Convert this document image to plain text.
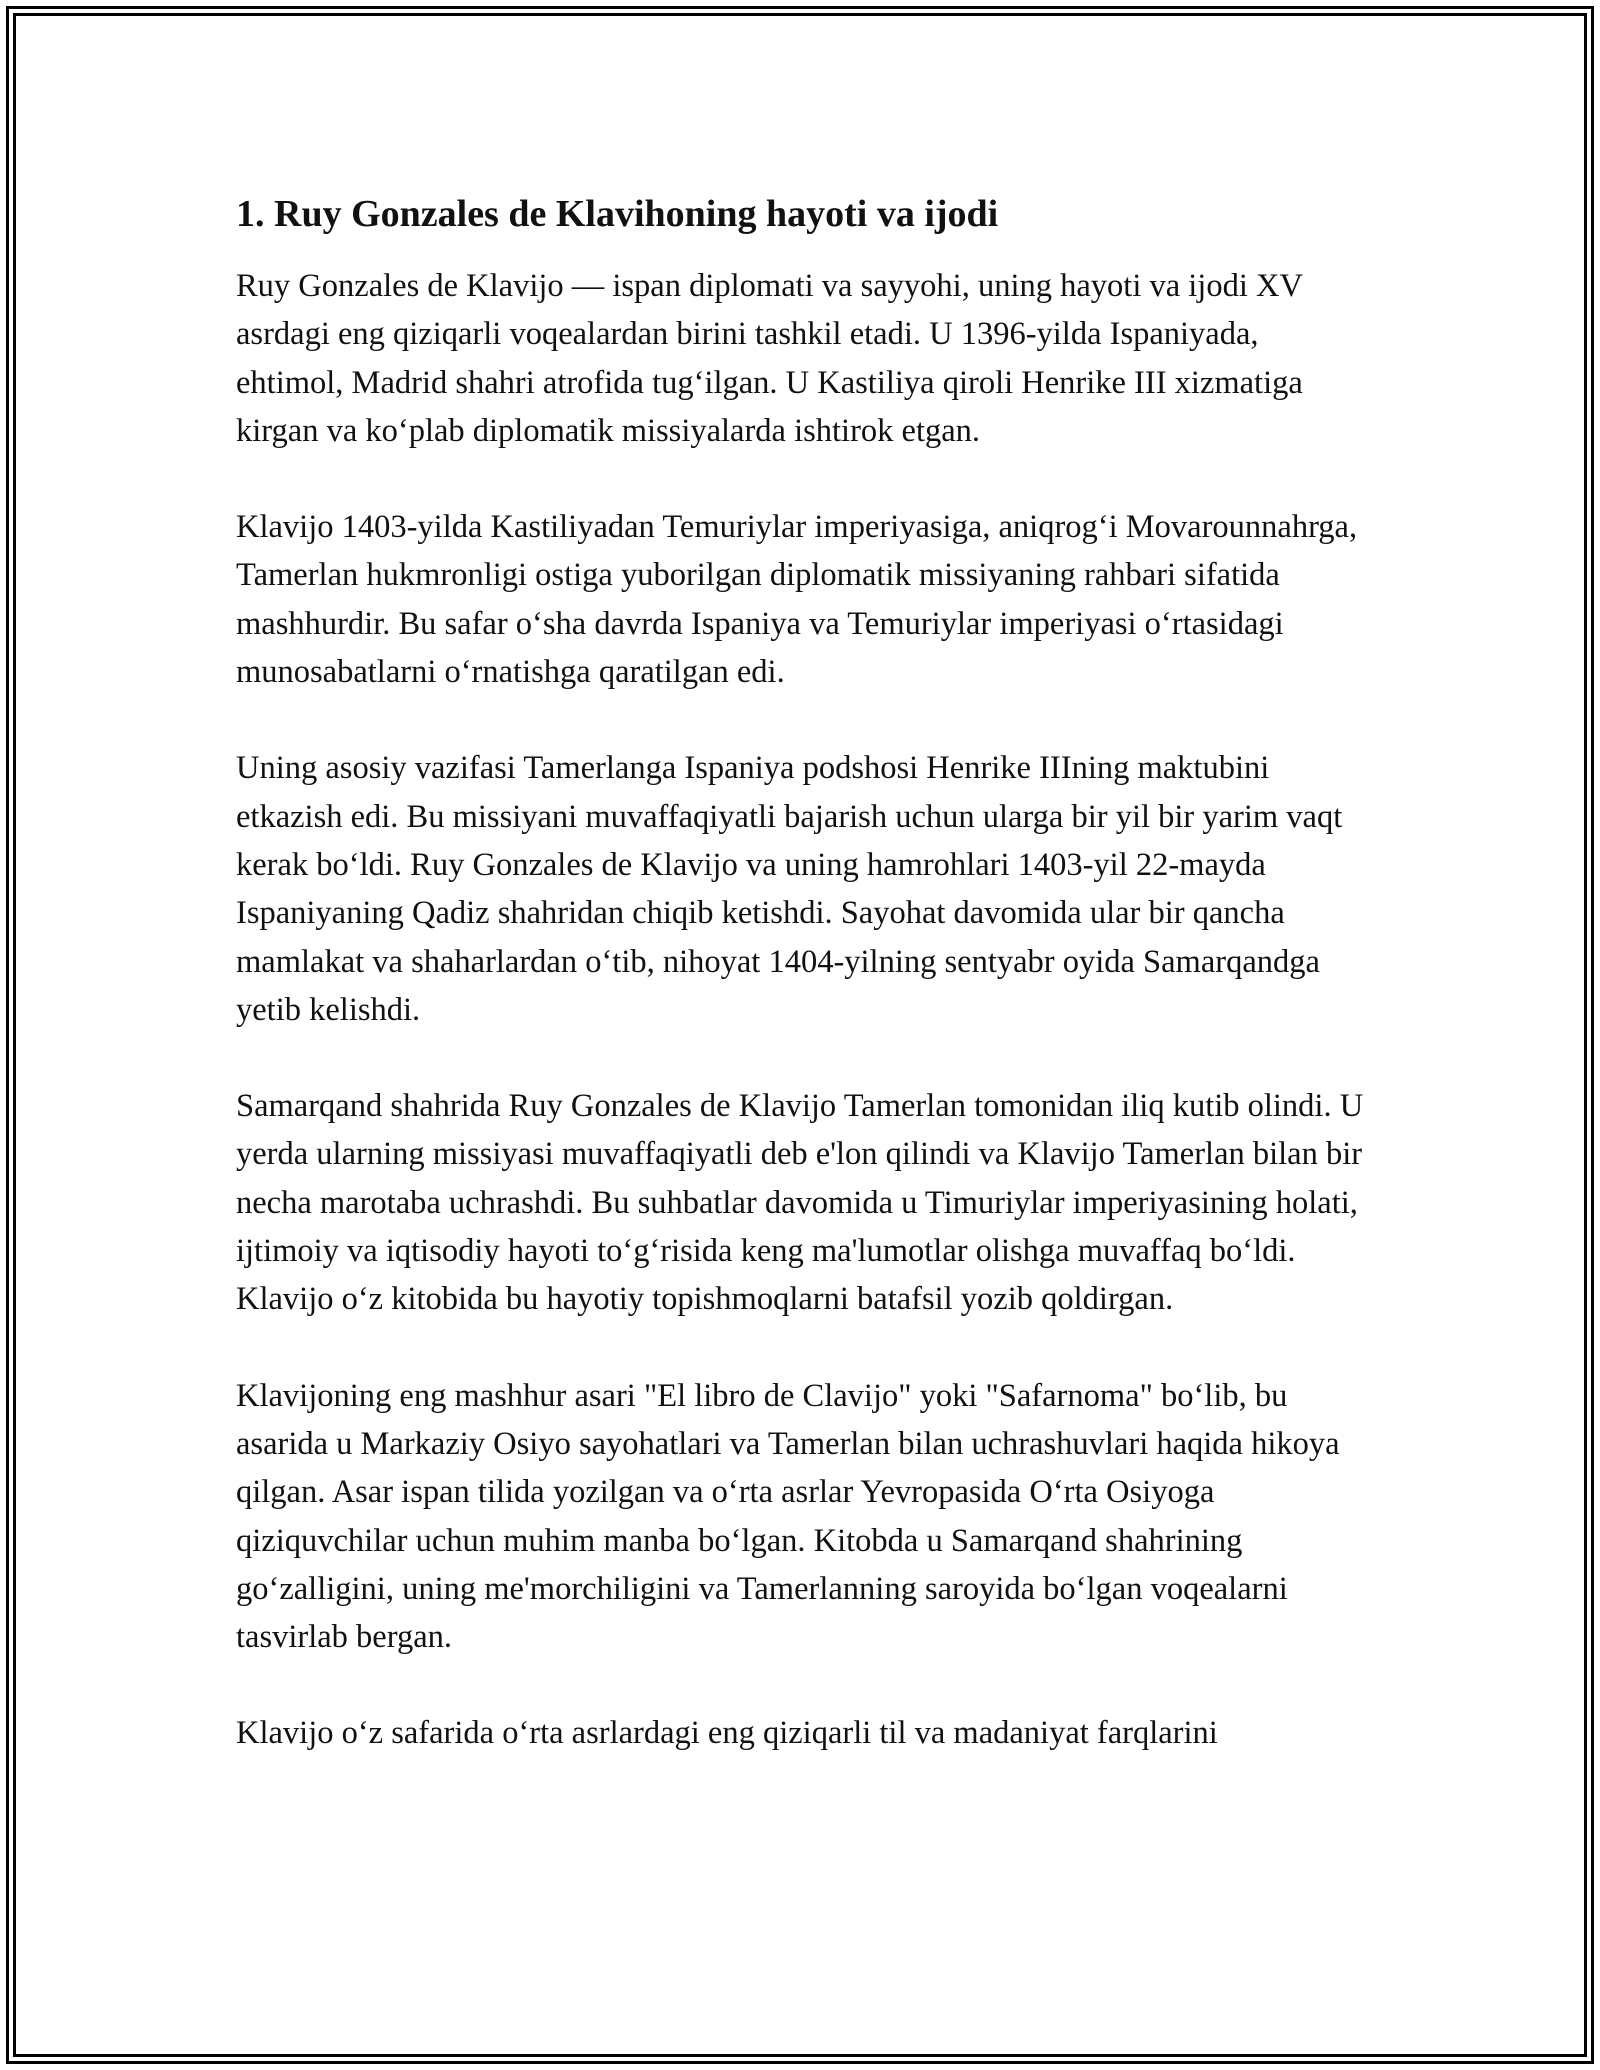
1. Ruy Gonzales de Klavihoning hayoti va ijodi

Ruy Gonzales de Klavijo — ispan diplomati va sayyohi, uning hayoti va ijodi XV asrdagi eng qiziqarli voqealardan birini tashkil etadi. U 1396-yilda Ispaniyada, ehtimol, Madrid shahri atrofida tug‘ilgan. U Kastiliya qiroli Henrike III xizmatiga kirgan va ko‘plab diplomatik missiyalarda ishtirok etgan.

Klavijo 1403-yilda Kastiliyadan Temuriylar imperiyasiga, aniqrog‘i Movarounnahrga, Tamerlan hukmronligi ostiga yuborilgan diplomatik missiyaning rahbari sifatida mashhurdir. Bu safar o‘sha davrda Ispaniya va Temuriylar imperiyasi o‘rtasidagi munosabatlarni o‘rnatishga qaratilgan edi.

Uning asosiy vazifasi Tamerlanga Ispaniya podshosi Henrike IIIning maktubini etkazish edi. Bu missiyani muvaffaqiyatli bajarish uchun ularga bir yil bir yarim vaqt kerak bo‘ldi. Ruy Gonzales de Klavijo va uning hamrohlari 1403-yil 22-mayda Ispaniyaning Qadiz shahridan chiqib ketishdi. Sayohat davomida ular bir qancha mamlakat va shaharlardan o‘tib, nihoyat 1404-yilning sentyabr oyida Samarqandga yetib kelishdi.

Samarqand shahrida Ruy Gonzales de Klavijo Tamerlan tomonidan iliq kutib olindi. U yerda ularning missiyasi muvaffaqiyatli deb e'lon qilindi va Klavijo Tamerlan bilan bir necha marotaba uchrashdi. Bu suhbatlar davomida u Timuriylar imperiyasining holati, ijtimoiy va iqtisodiy hayoti to‘g‘risida keng ma'lumotlar olishga muvaffaq bo‘ldi. Klavijo o‘z kitobida bu hayotiy topishmoqlarni batafsil yozib qoldirgan.

Klavijoning eng mashhur asari "El libro de Clavijo" yoki "Safarnoma" bo‘lib, bu asarida u Markaziy Osiyo sayohatlari va Tamerlan bilan uchrashuvlari haqida hikoya qilgan. Asar ispan tilida yozilgan va o‘rta asrlar Yevropasida O‘rta Osiyoga qiziquvchilar uchun muhim manba bo‘lgan. Kitobda u Samarqand shahrining go‘zalligini, uning me'morchiligini va Tamerlanning saroyida bo‘lgan voqealarni tasvirlab bergan.

Klavijo o‘z safarida o‘rta asrlardagi eng qiziqarli til va madaniyat farqlarini
